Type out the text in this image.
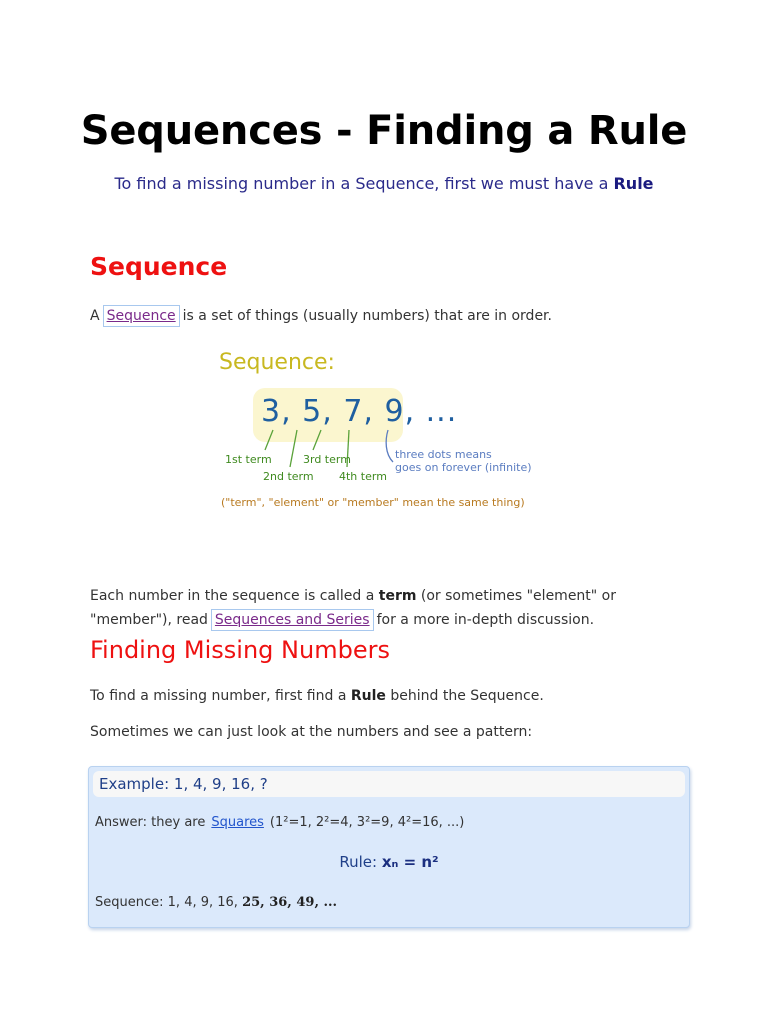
Sequences - Finding a Rule
To find a missing number in a Sequence, first we must have a Rule
Sequence
A Sequence is a set of things (usually numbers) that are in order.
Sequence:
3, 5, 7, 9, ...
1st term
2nd term
3rd term
4th term
three dots means
goes on forever (infinite)
("term", "element" or "member" mean the same thing)
Each number in the sequence is called a term (or sometimes "element" or "member"), read Sequences and Series for a more in-depth discussion.
Finding Missing Numbers
To find a missing number, first find a Rule behind the Sequence.
Sometimes we can just look at the numbers and see a pattern:
Example: 1, 4, 9, 16, ?
Answer: they are Squares (1²=1, 2²=4, 3²=9, 4²=16, ...)
Rule: xₙ = n²
Sequence: 1, 4, 9, 16, 25, 36, 49, ...
